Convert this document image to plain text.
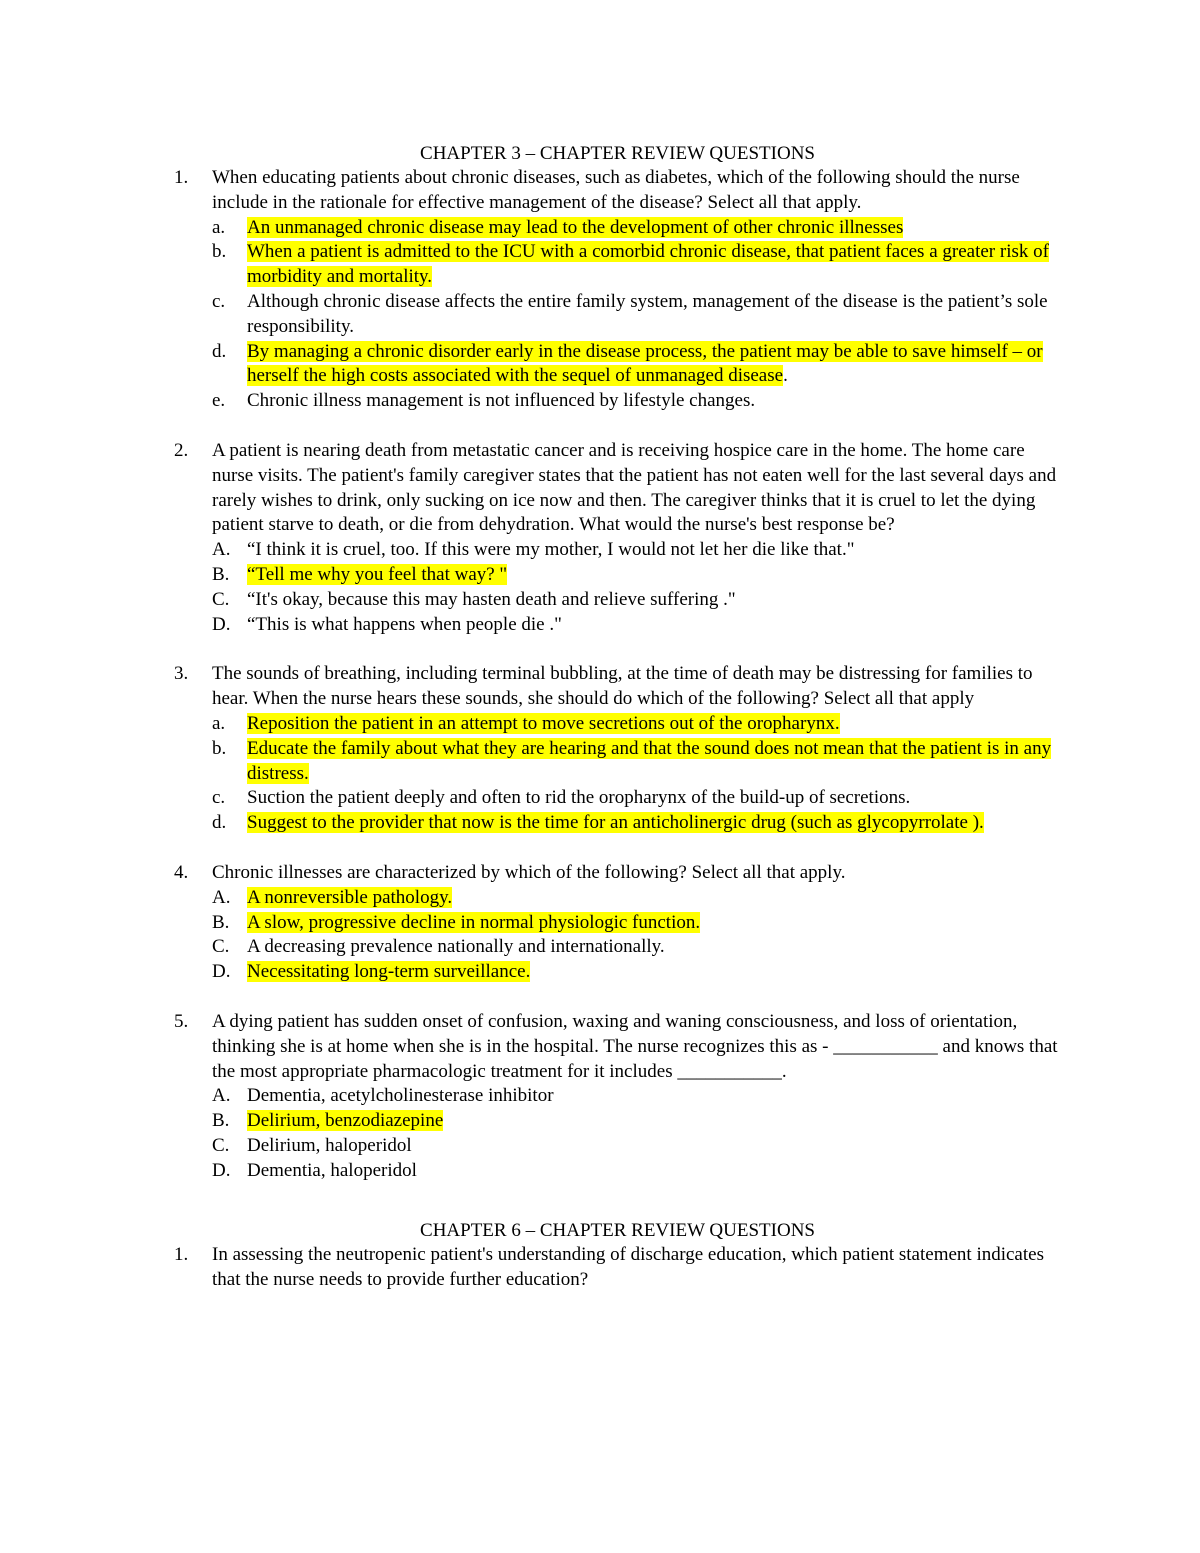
CHAPTER 3 – CHAPTER REVIEW QUESTIONS
1. When educating patients about chronic diseases, such as diabetes, which of the following should the nurse include in the rationale for effective management of the disease? Select all that apply.

a. An unmanaged chronic disease may lead to the development of other chronic illnesses
b. When a patient is admitted to the ICU with a comorbid chronic disease, that patient faces a greater risk of morbidity and mortality.
c. Although chronic disease affects the entire family system, management of the disease is the patient’s sole responsibility.
d. By managing a chronic disorder early in the disease process, the patient may be able to save himself – or herself the high costs associated with the sequel of unmanaged disease.
e. Chronic illness management is not influenced by lifestyle changes.
2. A patient is nearing death from metastatic cancer and is receiving hospice care in the home. The home care nurse visits. The patient's family caregiver states that the patient has not eaten well for the last several days and rarely wishes to drink, only sucking on ice now and then. The caregiver thinks that it is cruel to let the dying patient starve to death, or die from dehydration. What would the nurse's best response be?

A. “I think it is cruel, too. If this were my mother, I would not let her die like that."
B. “Tell me why you feel that way? "
C. “It's okay, because this may hasten death and relieve suffering ."
D. “This is what happens when people die ."
3. The sounds of breathing, including terminal bubbling, at the time of death may be distressing for families to hear. When the nurse hears these sounds, she should do which of the following? Select all that apply

a. Reposition the patient in an attempt to move secretions out of the oropharynx.
b. Educate the family about what they are hearing and that the sound does not mean that the patient is in any distress.
c. Suction the patient deeply and often to rid the oropharynx of the build-up of secretions.
d. Suggest to the provider that now is the time for an anticholinergic drug (such as glycopyrrolate ).
4. Chronic illnesses are characterized by which of the following? Select all that apply.

A. A nonreversible pathology.
B. A slow, progressive decline in normal physiologic function.
C. A decreasing prevalence nationally and internationally.
D. Necessitating long-term surveillance.
5. A dying patient has sudden onset of confusion, waxing and waning consciousness, and loss of orientation, thinking she is at home when she is in the hospital. The nurse recognizes this as - ___________ and knows that the most appropriate pharmacologic treatment for it includes ___________.

A. Dementia, acetylcholinesterase inhibitor
B. Delirium, benzodiazepine
C. Delirium, haloperidol
D. Dementia, haloperidol
CHAPTER 6 – CHAPTER REVIEW QUESTIONS
1. In assessing the neutropenic patient's understanding of discharge education, which patient statement indicates that the nurse needs to provide further education?
